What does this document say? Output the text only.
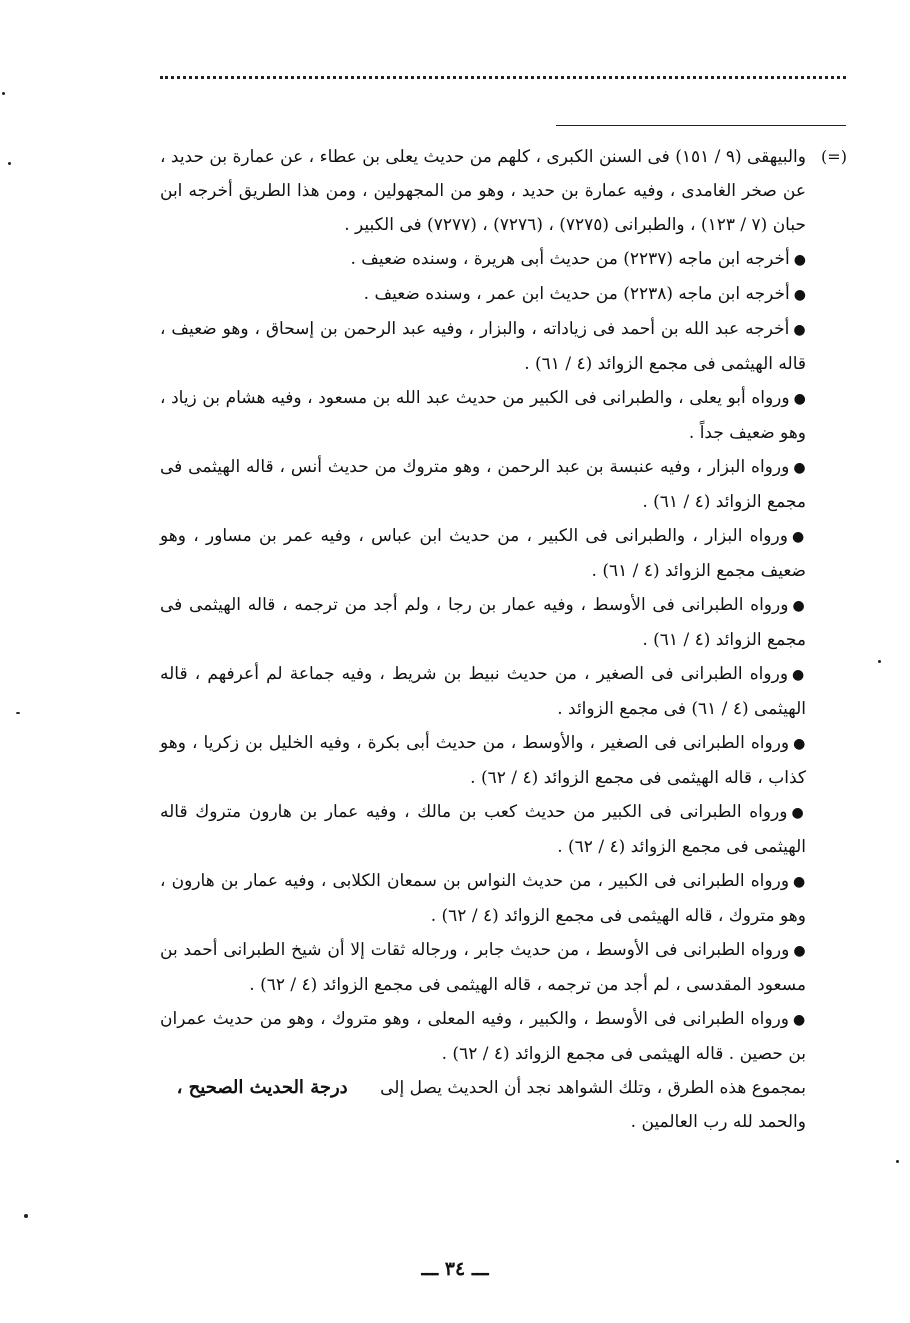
(=)

والبيهقى (٩ / ١٥١) فى السنن الكبرى ، كلهم من حديث يعلى بن عطاء ، عن عمارة بن حديد ، عن صخر الغامدى ، وفيه عمارة بن حديد ، وهو من المجهولين ، ومن هذا الطريق أخرجه ابن حبان (٧ / ١٢٣) ، والطبرانى (٧٢٧٥) ، (٧٢٧٦) ، (٧٢٧٧) فى الكبير .

●أخرجه ابن ماجه (٢٢٣٧) من حديث أبى هريرة ، وسنده ضعيف .

●أخرجه ابن ماجه (٢٢٣٨) من حديث ابن عمر ، وسنده ضعيف .

●أخرجه عبد الله بن أحمد فى زياداته ، والبزار ، وفيه عبد الرحمن بن إسحاق ، وهو ضعيف ، قاله الهيثمى فى مجمع الزوائد (٤ / ٦١) .

●ورواه أبو يعلى ، والطبرانى فى الكبير من حديث عبد الله بن مسعود ، وفيه هشام بن زياد ، وهو ضعيف جداً .

●ورواه البزار ، وفيه عنبسة بن عبد الرحمن ، وهو متروك من حديث أنس ، قاله الهيثمى فى مجمع الزوائد (٤ / ٦١) .

●ورواه البزار ، والطبرانى فى الكبير ، من حديث ابن عباس ، وفيه عمر بن مساور ، وهو ضعيف مجمع الزوائد (٤ / ٦١) .

●ورواه الطبرانى فى الأوسط ، وفيه عمار بن رجا ، ولم أجد من ترجمه ، قاله الهيثمى فى مجمع الزوائد (٤ / ٦١) .

●ورواه الطبرانى فى الصغير ، من حديث نبيط بن شريط ، وفيه جماعة لم أعرفهم ، قاله الهيثمى (٤ / ٦١) فى مجمع الزوائد .

●ورواه الطبرانى فى الصغير ، والأوسط ، من حديث أبى بكرة ، وفيه الخليل بن زكريا ، وهو كذاب ، قاله الهيثمى فى مجمع الزوائد (٤ / ٦٢) .

●ورواه الطبرانى فى الكبير من حديث كعب بن مالك ، وفيه عمار بن هارون متروك قاله الهيثمى فى مجمع الزوائد (٤ / ٦٢) .

●ورواه الطبرانى فى الكبير ، من حديث النواس بن سمعان الكلابى ، وفيه عمار بن هارون ، وهو متروك ، قاله الهيثمى فى مجمع الزوائد (٤ / ٦٢) .

●ورواه الطبرانى فى الأوسط ، من حديث جابر ، ورجاله ثقات إلا أن شيخ الطبرانى أحمد بن مسعود المقدسى ، لم أجد من ترجمه ، قاله الهيثمى فى مجمع الزوائد (٤ / ٦٢) .

●ورواه الطبرانى فى الأوسط ، والكبير ، وفيه المعلى ، وهو متروك ، وهو من حديث عمران بن حصين . قاله الهيثمى فى مجمع الزوائد (٤ / ٦٢) .

بمجموع هذه الطرق ، وتلك الشواهد نجد أن الحديث يصل إلى      درجة الحديث الصحيح ،
والحمد لله رب العالمين .

ـــ ٣٤ ـــ
